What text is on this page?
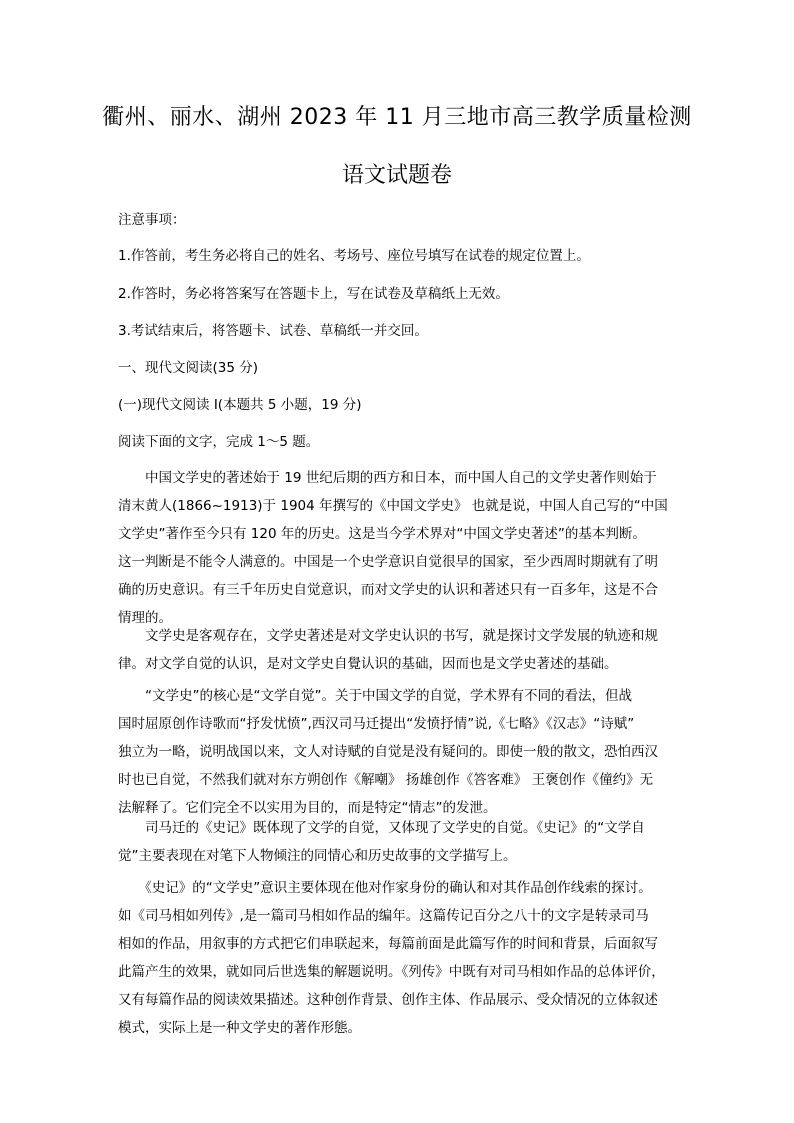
衢州、丽水、湖州 2023 年 11 月三地市高三教学质量检测
语文试题卷
注意事项：
1.作答前，考生务必将自己的姓名、考场号、座位号填写在试卷的规定位置上。
2.作答时，务必将答案写在答题卡上，写在试卷及草稿纸上无效。
3.考试结束后，将答题卡、试卷、草稿纸一并交回。
一、现代文阅读(35 分)
(一)现代文阅读 I(本题共 5 小题，19 分)
阅读下面的文字，完成 1～5 题。
　　中国文学史的著述始于 19 世纪后期的西方和日本，而中国人自己的文学史著作则始于
清末黄人(1866~1913)于 1904 年撰写的《中国文学史》 也就是说，中国人自己写的“中国
文学史”著作至今只有 120 年的历史。这是当今学术界对“中国文学史著述”的基本判断。
这一判断是不能令人满意的。中国是一个史学意识自觉很早的国家，至少西周时期就有了明
确的历史意识。有三千年历史自觉意识，而对文学史的认识和著述只有一百多年，这是不合
情理的。
　　文学史是客观存在，文学史著述是对文学史认识的书写，就是探讨文学发展的轨迹和规
律。对文学自觉的认识，是对文学史自覺认识的基础，因而也是文学史著述的基础。
　　“文学史”的核心是“文学自觉”。关于中国文学的自觉，学术界有不同的看法，但战
国时屈原创作诗歌而“抒发忧愤”,西汉司马迁提出“发愤抒情”说,《七略》《汉志》“诗赋”
独立为一略，说明战国以来，文人对诗赋的自觉是没有疑问的。即使一般的散文，恐怕西汉
时也已自觉，不然我们就对东方朔创作《解嘲》 扬雄创作《答客难》 王褒创作《僮约》无
法解释了。它们完全不以实用为目的，而是特定“情志”的发泄。
　　司马迁的《史记》既体现了文学的自觉，又体现了文学史的自觉。《史记》的“文学自
觉”主要表现在对笔下人物倾注的同情心和历史故事的文学描写上。
　　《史记》的“文学史”意识主要体现在他对作家身份的确认和对其作品创作线索的探讨。
如《司马相如列传》,是一篇司马相如作品的编年。这篇传记百分之八十的文字是转录司马
相如的作品，用叙事的方式把它们串联起来，每篇前面是此篇写作的时间和背景，后面叙写
此篇产生的效果，就如同后世选集的解题说明。《列传》中既有对司马相如作品的总体评价，
又有每篇作品的阅读效果描述。这种创作背景、创作主体、作品展示、受众情况的立体叙述
模式，实际上是一种文学史的著作形態。
